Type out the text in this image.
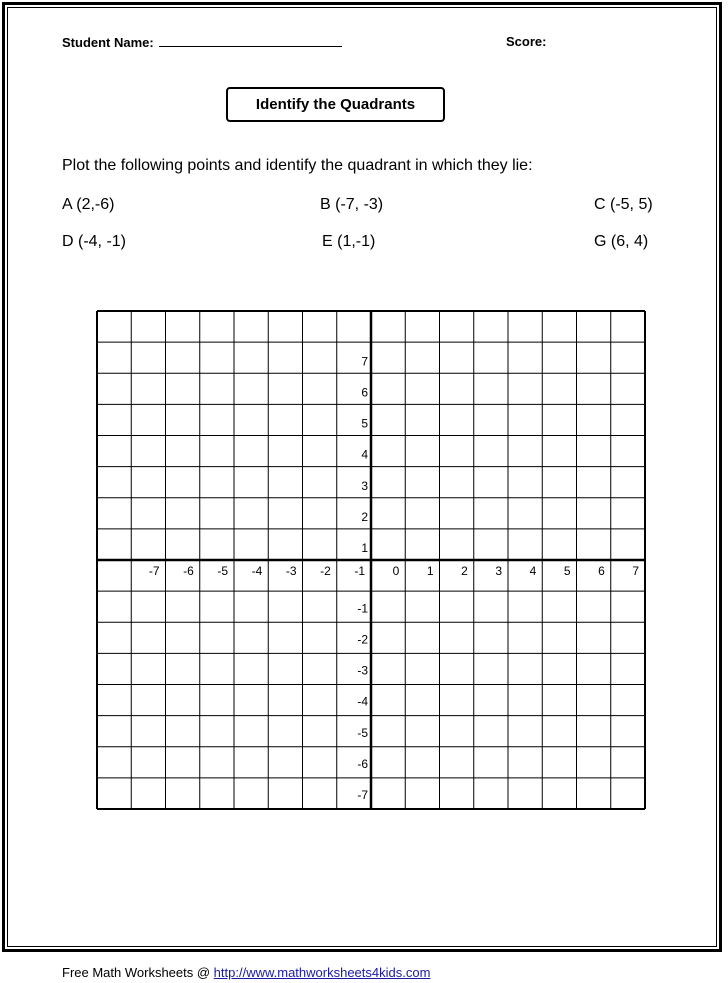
Student Name:	Score:
Identify the Quadrants
Plot the following points and identify the quadrant in which they lie:
A (2,-6)	B (-7, -3)	C (-5, 5)
D (-4, -1)	E (1,-1)	G (6, 4)
-7 -6 -5 -4 -3 -2 -1 0 1 2 3 4 5 6 7
7
6
5
4
3
2
1
-1
-2
-3
-4
-5
-6
-7
Free Math Worksheets @ http://www.mathworksheets4kids.com
